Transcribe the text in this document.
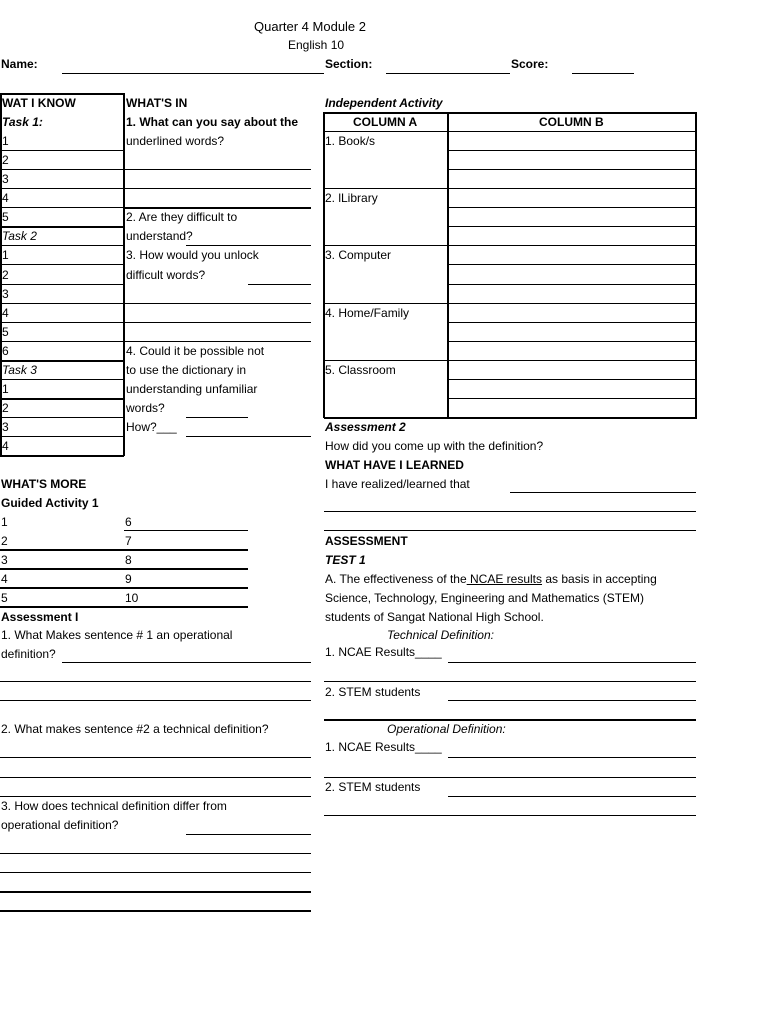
Quarter 4 Module 2
English 10
Name:	Section:	Score:
WAT I KNOW
Task 1:
1
2
3
4
5
Task 2
1
2
3
4
5
6
Task 3
1
2
3
4
WHAT'S IN
1. What can you say about the
underlined words?
2. Are they difficult to
understand?
3. How would you unlock
difficult words?
4. Could it be possible not
to use the dictionary in
understanding unfamiliar
words?
How?___
Independent Activity
COLUMN A	COLUMN B
1. Book/s
2. lLibrary
3. Computer
4. Home/Family
5. Classroom
Assessment 2
How did you come up with the definition?
WHAT HAVE I LEARNED
I have realized/learned that
WHAT'S MORE
Guided Activity 1
1	6
2	7
3	8
4	9
5	10
Assessment I
1. What Makes sentence # 1 an operational
definition?
2. What makes sentence #2 a technical definition?
3. How does technical definition differ from
operational definition?
ASSESSMENT
TEST 1
A. The effectiveness of the NCAE results as basis in accepting
Science, Technology, Engineering and Mathematics (STEM)
students of Sangat National High School.
Technical Definition:
1. NCAE Results____
2. STEM students
Operational Definition:
1. NCAE Results____
2. STEM students
